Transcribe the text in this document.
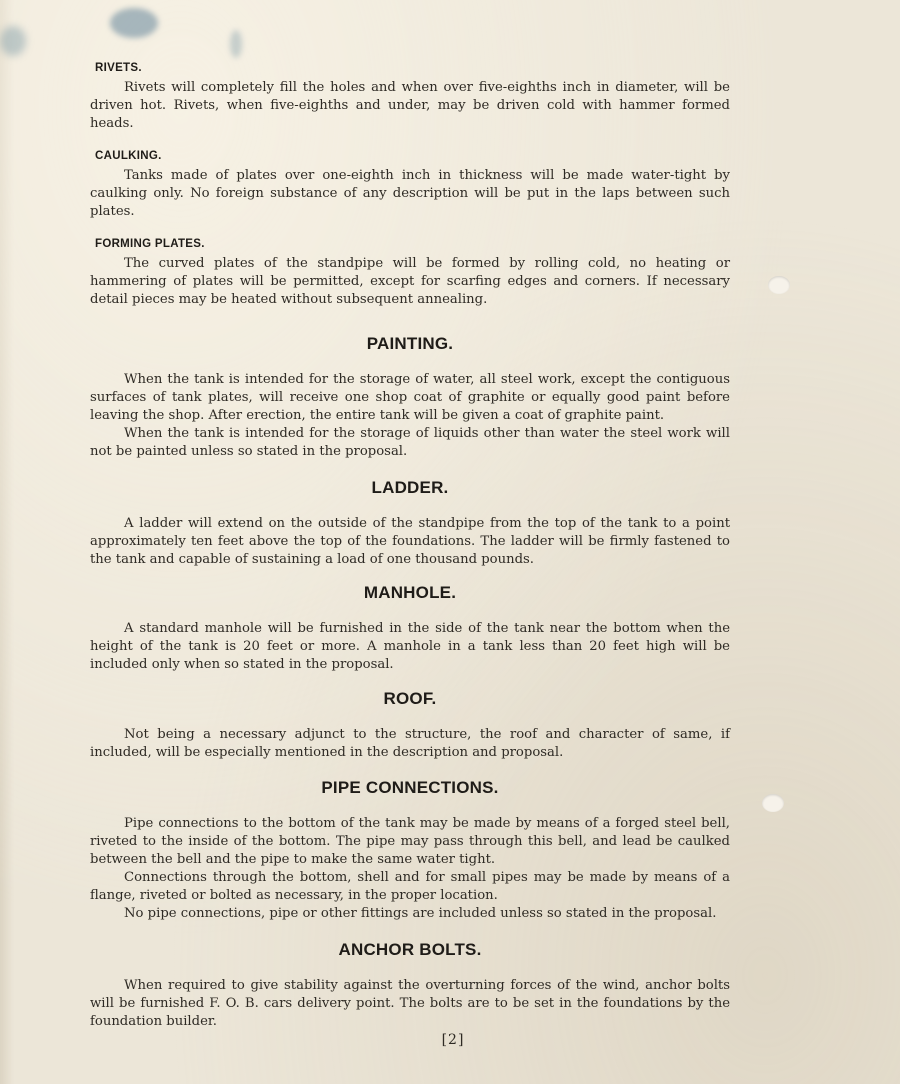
RIVETS.

Rivets will completely fill the holes and when over five-eighths inch in diameter, will be driven hot. Rivets, when five-eighths and under, may be driven cold with hammer formed heads.

CAULKING.

Tanks made of plates over one-eighth inch in thickness will be made water-tight by caulking only. No foreign substance of any description will be put in the laps between such plates.

FORMING PLATES.

The curved plates of the standpipe will be formed by rolling cold, no heating or hammering of plates will be permitted, except for scarfing edges and corners. If necessary detail pieces may be heated without subsequent annealing.

PAINTING.

When the tank is intended for the storage of water, all steel work, except the contiguous surfaces of tank plates, will receive one shop coat of graphite or equally good paint before leaving the shop. After erection, the entire tank will be given a coat of graphite paint.

When the tank is intended for the storage of liquids other than water the steel work will not be painted unless so stated in the proposal.

LADDER.

A ladder will extend on the outside of the standpipe from the top of the tank to a point approximately ten feet above the top of the foundations. The ladder will be firmly fastened to the tank and capable of sustaining a load of one thousand pounds.

MANHOLE.

A standard manhole will be furnished in the side of the tank near the bottom when the height of the tank is 20 feet or more. A manhole in a tank less than 20 feet high will be included only when so stated in the proposal.

ROOF.

Not being a necessary adjunct to the structure, the roof and character of same, if included, will be especially mentioned in the description and proposal.

PIPE CONNECTIONS.

Pipe connections to the bottom of the tank may be made by means of a forged steel bell, riveted to the inside of the bottom. The pipe may pass through this bell, and lead be caulked between the bell and the pipe to make the same water tight.

Connections through the bottom, shell and for small pipes may be made by means of a flange, riveted or bolted as necessary, in the proper location.

No pipe connections, pipe or other fittings are included unless so stated in the proposal.

ANCHOR BOLTS.

When required to give stability against the overturning forces of the wind, anchor bolts will be furnished F. O. B. cars delivery point. The bolts are to be set in the foundations by the foundation builder.

[2]
